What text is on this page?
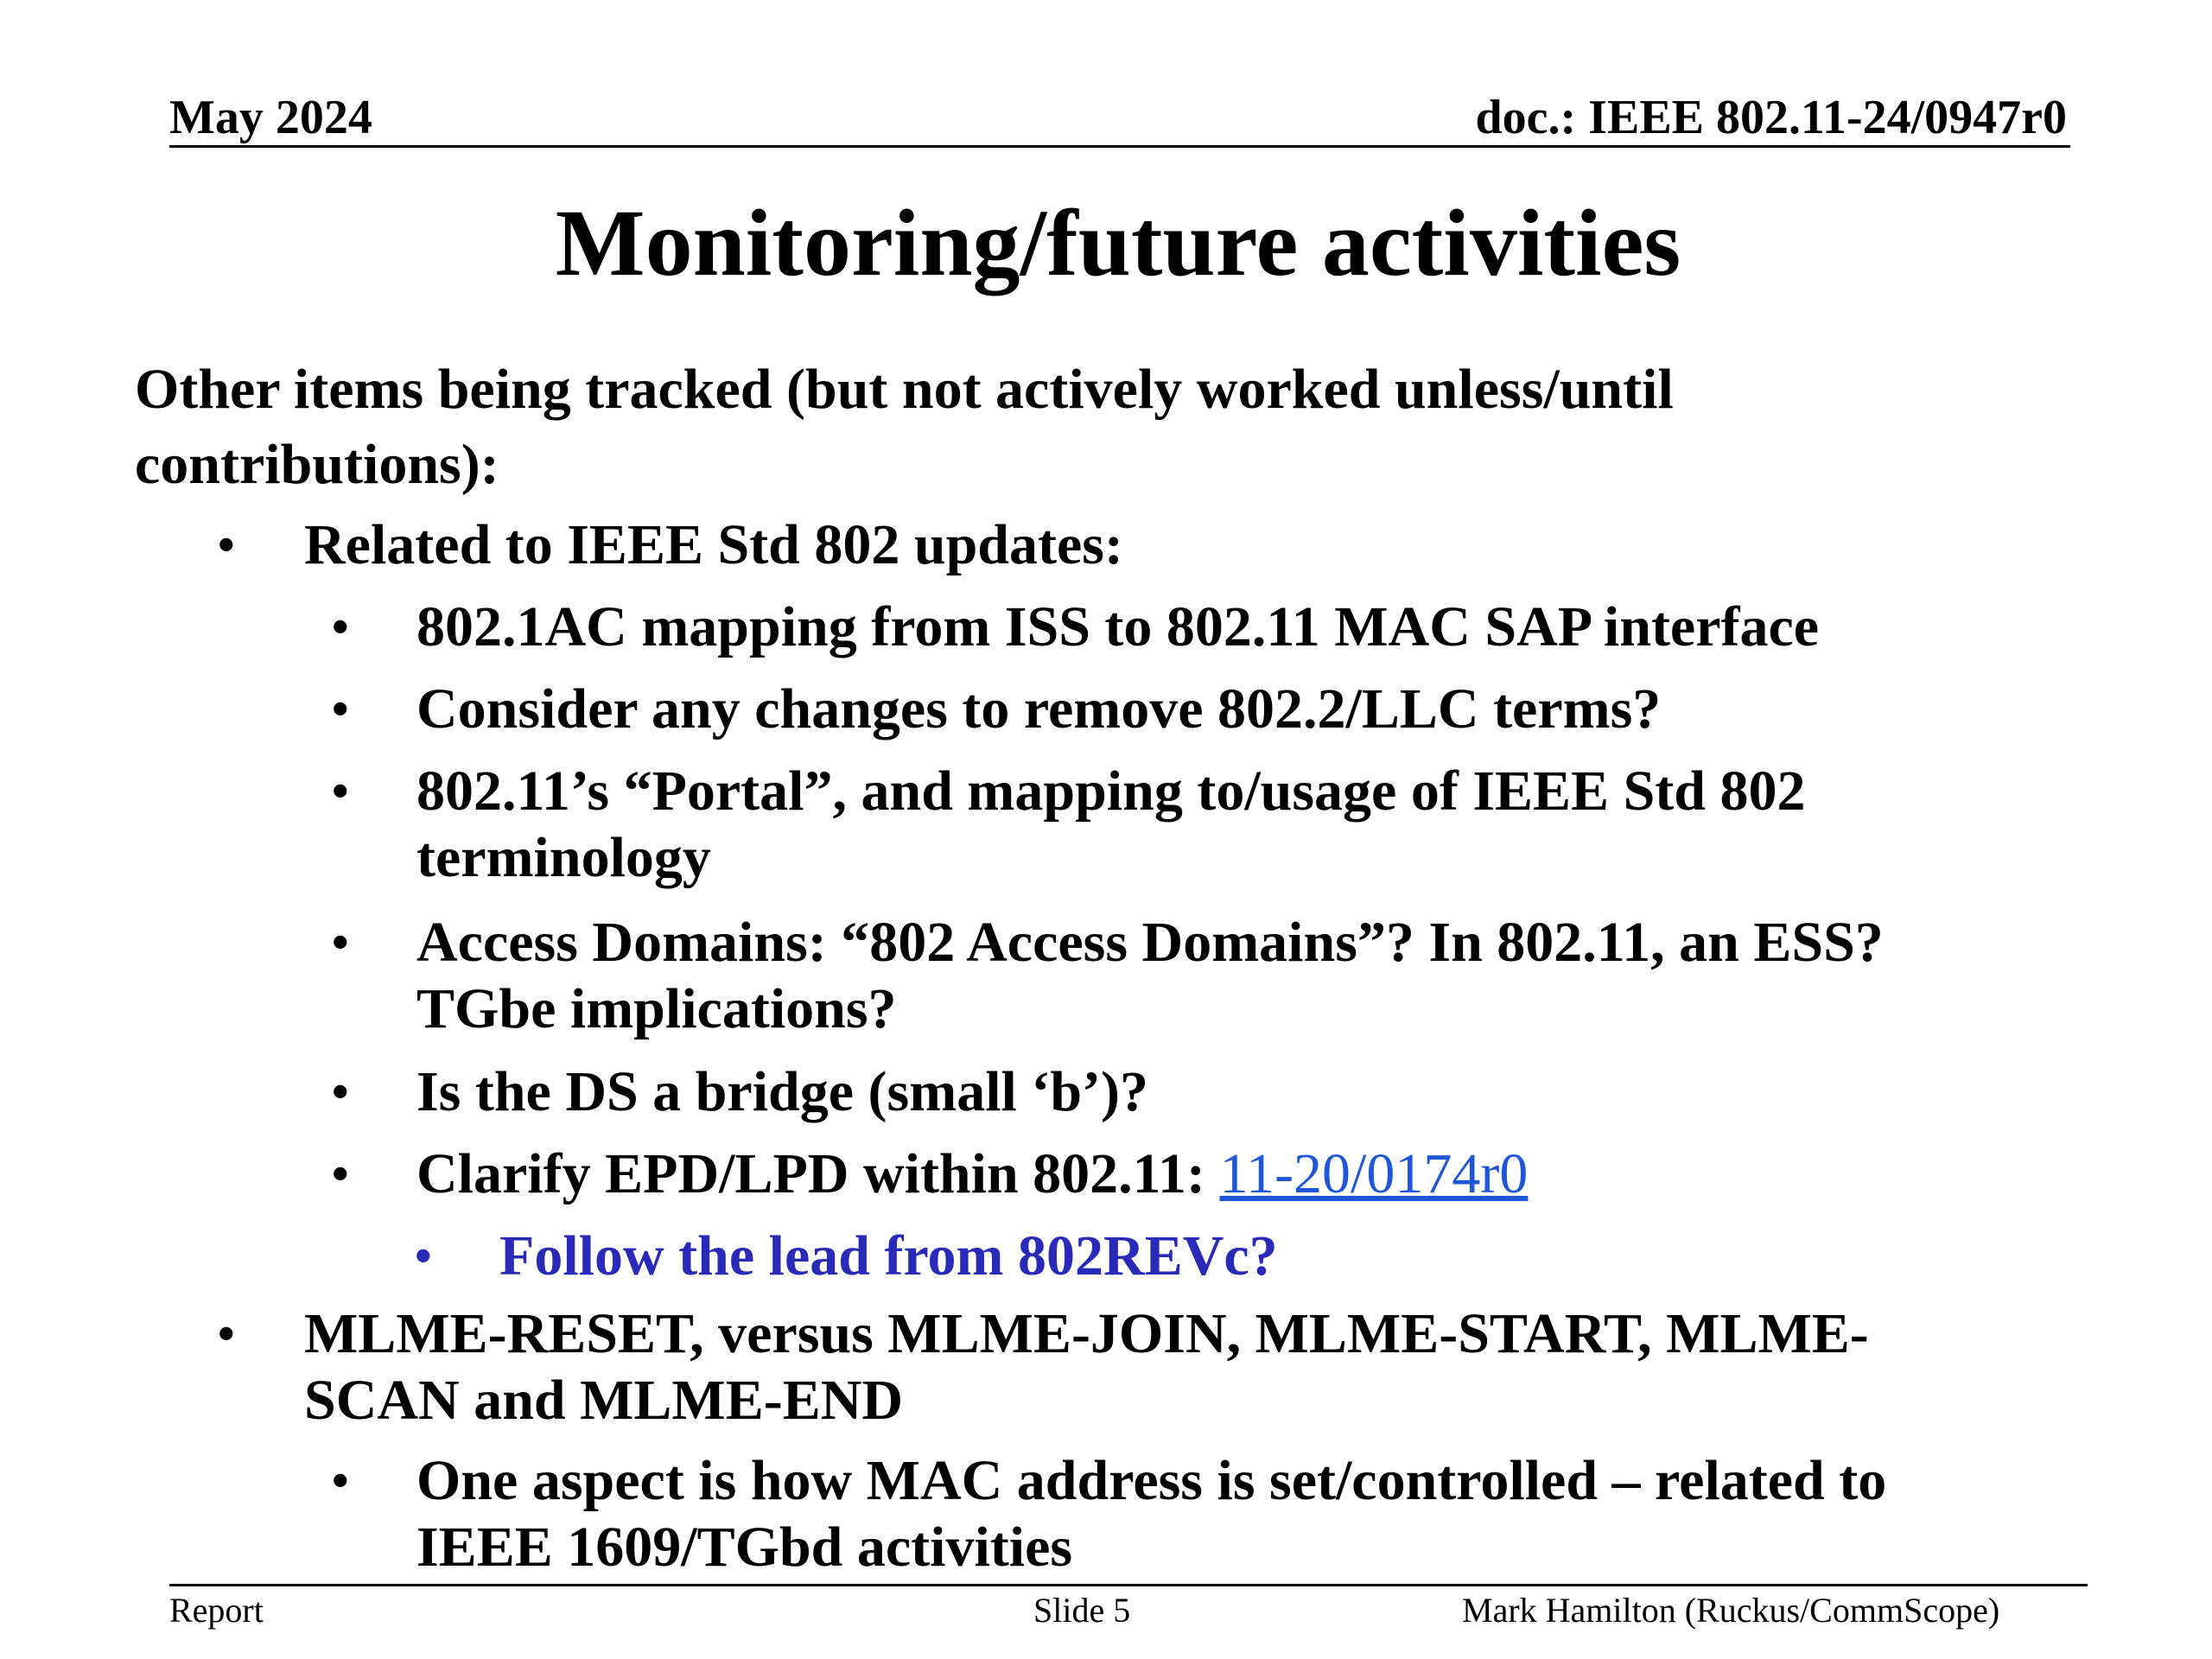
May 2024	doc.: IEEE 802.11-24/0947r0
Monitoring/future activities
Other items being tracked (but not actively worked unless/until
contributions):
• Related to IEEE Std 802 updates:
• 802.1AC mapping from ISS to 802.11 MAC SAP interface
• Consider any changes to remove 802.2/LLC terms?
• 802.11’s “Portal”, and mapping to/usage of IEEE Std 802
terminology
• Access Domains: “802 Access Domains”? In 802.11, an ESS?
TGbe implications?
• Is the DS a bridge (small ‘b’)?
• Clarify EPD/LPD within 802.11: 11-20/0174r0
• Follow the lead from 802REVc?
• MLME-RESET, versus MLME-JOIN, MLME-START, MLME-
SCAN and MLME-END
• One aspect is how MAC address is set/controlled – related to
IEEE 1609/TGbd activities
Report	Slide 5	Mark Hamilton (Ruckus/CommScope)
